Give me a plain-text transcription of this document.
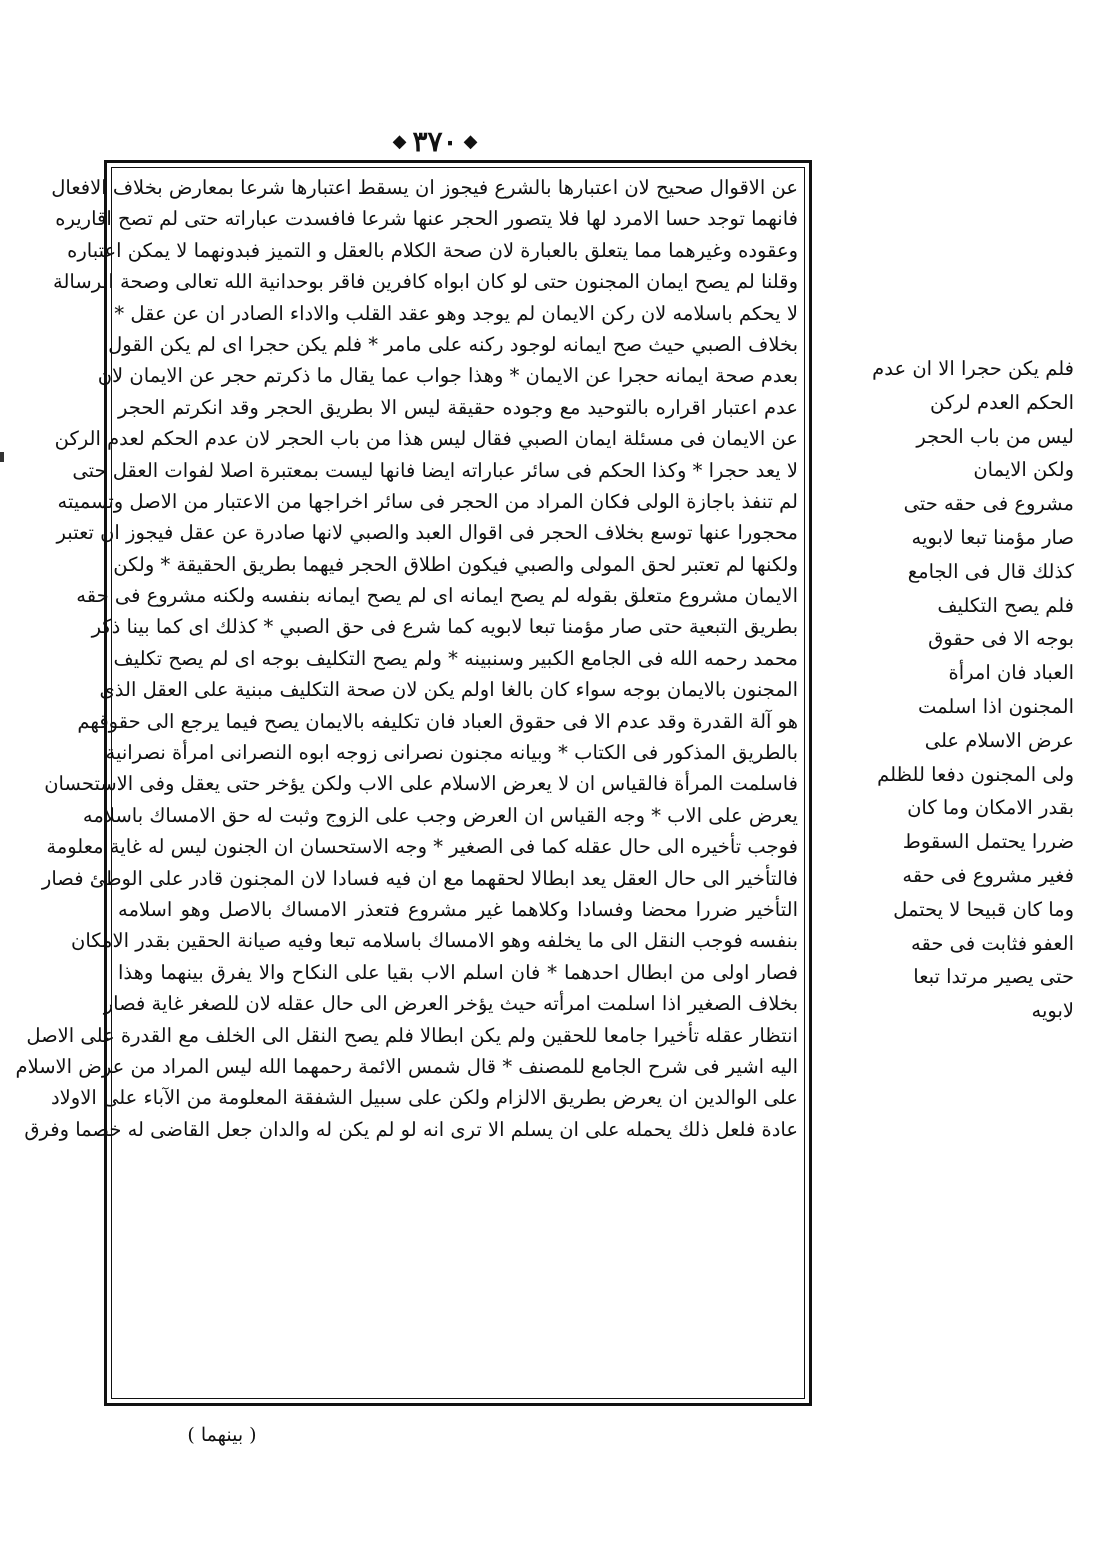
◆ ٣٧٠ ◆
عن الاقوال صحيح لان اعتبارها بالشرع فيجوز ان يسقط اعتبارها شرعا بمعارض بخلاف الافعال
فانهما توجد حسا الامرد لها فلا يتصور الحجر عنها شرعا فافسدت عباراته حتى لم تصح اقاريره
وعقوده وغيرهما مما يتعلق بالعبارة لان صحة الكلام بالعقل و التميز فبدونهما لا يمكن اعتباره
وقلنا لم يصح ايمان المجنون حتى لو كان ابواه كافرين فاقر بوحدانية الله تعالى وصحة الرسالة
لا يحكم باسلامه لان ركن الايمان لم يوجد وهو عقد القلب والاداء الصادر ان عن عقل *
بخلاف الصبي حيث صح ايمانه لوجود ركنه على مامر * فلم يكن حجرا اى لم يكن القول
بعدم صحة ايمانه حجرا عن الايمان * وهذا جواب عما يقال ما ذكرتم حجر عن الايمان لان
عدم اعتبار اقراره بالتوحيد مع وجوده حقيقة ليس الا بطريق الحجر وقد انكرتم الحجر
عن الايمان فى مسئلة ايمان الصبي فقال ليس هذا من باب الحجر لان عدم الحكم لعدم الركن
لا يعد حجرا * وكذا الحكم فى سائر عباراته ايضا فانها ليست بمعتبرة اصلا لفوات العقل حتى
لم تنفذ باجازة الولى فكان المراد من الحجر فى سائر اخراجها من الاعتبار من الاصل وتسميته
محجورا عنها توسع بخلاف الحجر فى اقوال العبد والصبي لانها صادرة عن عقل فيجوز ان تعتبر
ولكنها لم تعتبر لحق المولى والصبي فيكون اطلاق الحجر فيهما بطريق الحقيقة * ولكن
الايمان مشروع متعلق بقوله لم يصح ايمانه اى لم يصح ايمانه بنفسه ولكنه مشروع فى حقه
بطريق التبعية حتى صار مؤمنا تبعا لابويه كما شرع فى حق الصبي * كذلك اى كما بينا ذكر
محمد رحمه الله فى الجامع الكبير وسنبينه * ولم يصح التكليف بوجه اى لم يصح تكليف
المجنون بالايمان بوجه سواء كان بالغا اولم يكن لان صحة التكليف مبنية على العقل الذى
هو آلة القدرة وقد عدم الا فى حقوق العباد فان تكليفه بالايمان يصح فيما يرجع الى حقوقهم
بالطريق المذكور فى الكتاب * وبيانه مجنون نصرانى زوجه ابوه النصرانى امرأة نصرانية
فاسلمت المرأة فالقياس ان لا يعرض الاسلام على الاب ولكن يؤخر حتى يعقل وفى الاستحسان
يعرض على الاب * وجه القياس ان العرض وجب على الزوج وثبت له حق الامساك باسلامه
فوجب تأخيره الى حال عقله كما فى الصغير * وجه الاستحسان ان الجنون ليس له غاية معلومة
فالتأخير الى حال العقل يعد ابطالا لحقهما مع ان فيه فسادا لان المجنون قادر على الوطئ فصار
التأخير ضررا محضا وفسادا وكلاهما غير مشروع فتعذر الامساك بالاصل وهو اسلامه
بنفسه فوجب النقل الى ما يخلفه وهو الامساك باسلامه تبعا وفيه صيانة الحقين بقدر الامكان
فصار اولى من ابطال احدهما * فان اسلم الاب بقيا على النكاح والا يفرق بينهما وهذا
بخلاف الصغير اذا اسلمت امرأته حيث يؤخر العرض الى حال عقله لان للصغر غاية فصار
انتظار عقله تأخيرا جامعا للحقين ولم يكن ابطالا فلم يصح النقل الى الخلف مع القدرة على الاصل
اليه اشير فى شرح الجامع للمصنف * قال شمس الائمة رحمهما الله ليس المراد من عرض الاسلام
على الوالدين ان يعرض بطريق الالزام ولكن على سبيل الشفقة المعلومة من الآباء على الاولاد
عادة فلعل ذلك يحمله على ان يسلم الا ترى انه لو لم يكن له والدان جعل القاضى له خصما وفرق
فلم يكن حجرا الا ان عدم
الحكم العدم لركن
ليس من باب الحجر
ولكن الايمان
مشروع فى حقه حتى
صار مؤمنا تبعا لابويه
كذلك قال فى الجامع
فلم يصح التكليف
بوجه الا فى حقوق
العباد فان امرأة
المجنون اذا اسلمت
عرض الاسلام على
ولى المجنون دفعا للظلم
بقدر الامكان وما كان
ضررا يحتمل السقوط
فغير مشروع فى حقه
وما كان قبيحا لا يحتمل
العفو فثابت فى حقه
حتى يصير مرتدا تبعا
لابويه
( بينهما )
